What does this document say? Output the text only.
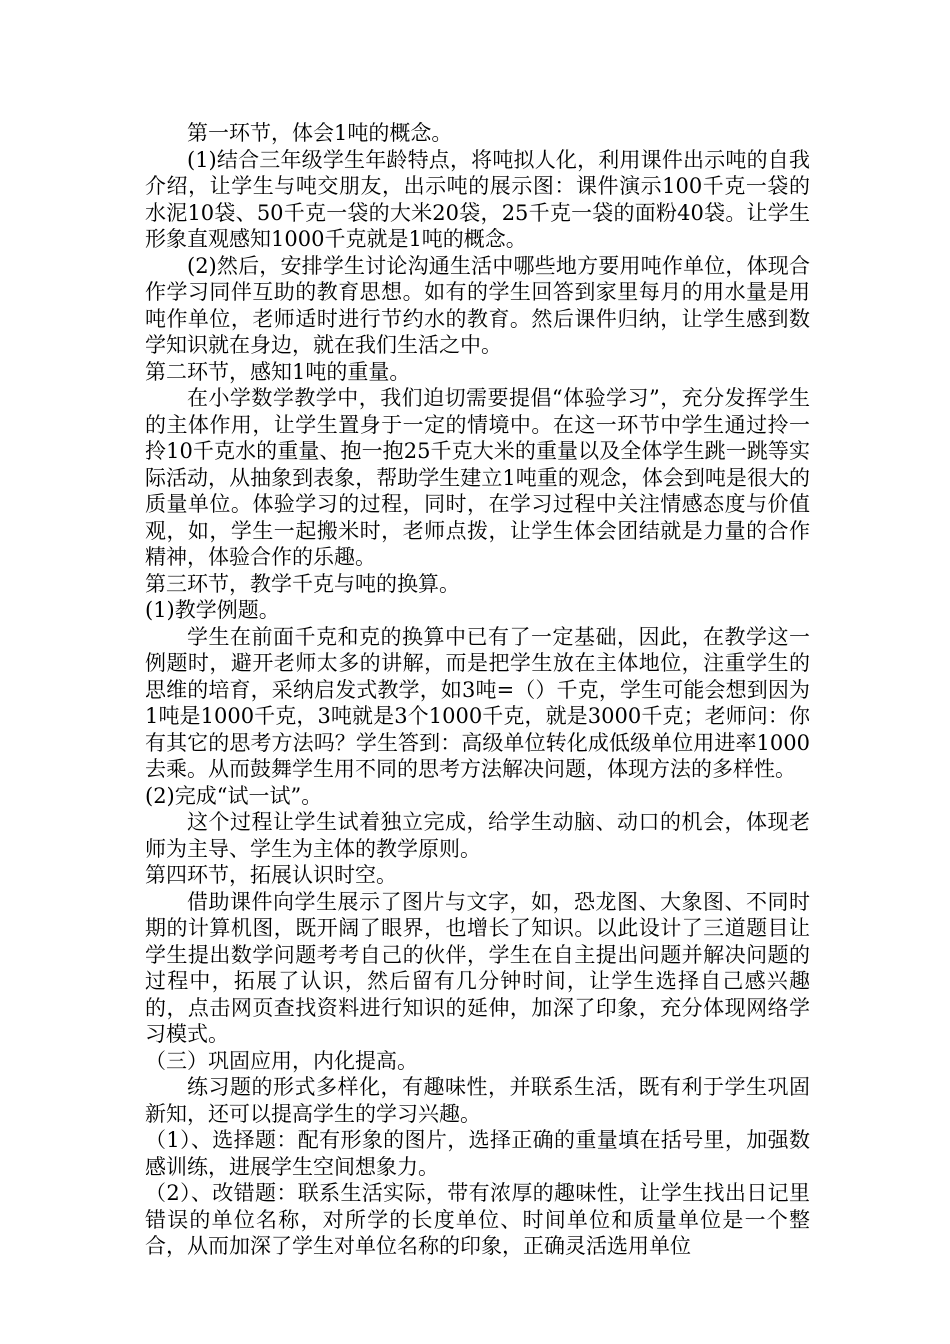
第一环节，体会1吨的概念。

(1)结合三年级学生年龄特点，将吨拟人化，利用课件出示吨的自我介绍，让学生与吨交朋友，出示吨的展示图：课件演示100千克一袋的水泥10袋、50千克一袋的大米20袋，25千克一袋的面粉40袋。让学生形象直观感知1000千克就是1吨的概念。

(2)然后，安排学生讨论沟通生活中哪些地方要用吨作单位，体现合作学习同伴互助的教育思想。如有的学生回答到家里每月的用水量是用吨作单位，老师适时进行节约水的教育。然后课件归纳，让学生感到数学知识就在身边，就在我们生活之中。

第二环节，感知1吨的重量。

在小学数学教学中，我们迫切需要提倡“体验学习”，充分发挥学生的主体作用，让学生置身于一定的情境中。在这一环节中学生通过拎一拎10千克水的重量、抱一抱25千克大米的重量以及全体学生跳一跳等实际活动，从抽象到表象，帮助学生建立1吨重的观念，体会到吨是很大的质量单位。体验学习的过程，同时，在学习过程中关注情感态度与价值观，如，学生一起搬米时，老师点拨，让学生体会团结就是力量的合作精神，体验合作的乐趣。

第三环节，教学千克与吨的换算。

(1)教学例题。

学生在前面千克和克的换算中已有了一定基础，因此，在教学这一例题时，避开老师太多的讲解，而是把学生放在主体地位，注重学生的思维的培育，采纳启发式教学，如3吨=（）千克，学生可能会想到因为1吨是1000千克，3吨就是3个1000千克，就是3000千克；老师问：你有其它的思考方法吗？学生答到：高级单位转化成低级单位用进率1000去乘。从而鼓舞学生用不同的思考方法解决问题，体现方法的多样性。

(2)完成“试一试”。

这个过程让学生试着独立完成，给学生动脑、动口的机会，体现老师为主导、学生为主体的教学原则。

第四环节，拓展认识时空。

借助课件向学生展示了图片与文字，如，恐龙图、大象图、不同时期的计算机图，既开阔了眼界，也增长了知识。以此设计了三道题目让学生提出数学问题考考自己的伙伴，学生在自主提出问题并解决问题的过程中，拓展了认识，然后留有几分钟时间，让学生选择自己感兴趣的，点击网页查找资料进行知识的延伸，加深了印象，充分体现网络学习模式。

（三）巩固应用，内化提高。

练习题的形式多样化，有趣味性，并联系生活，既有利于学生巩固新知，还可以提高学生的学习兴趣。

（1）、选择题：配有形象的图片，选择正确的重量填在括号里，加强数感训练，进展学生空间想象力。

（2）、改错题：联系生活实际，带有浓厚的趣味性，让学生找出日记里错误的单位名称，对所学的长度单位、时间单位和质量单位是一个整合，从而加深了学生对单位名称的印象，正确灵活选用单位
